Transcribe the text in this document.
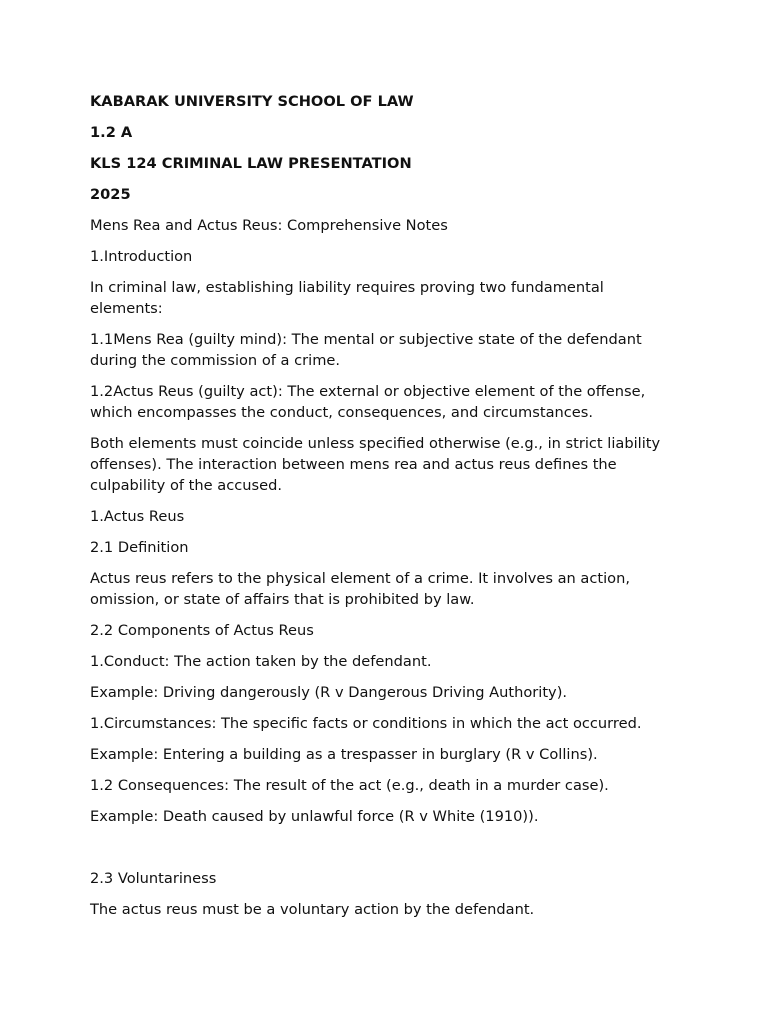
KABARAK UNIVERSITY SCHOOL OF LAW

1.2 A

KLS 124 CRIMINAL LAW PRESENTATION

2025

Mens Rea and Actus Reus: Comprehensive Notes

1.Introduction

In criminal law, establishing liability requires proving two fundamental elements:

1.1Mens Rea (guilty mind): The mental or subjective state of the defendant during the commission of a crime.

1.2Actus Reus (guilty act): The external or objective element of the offense, which encompasses the conduct, consequences, and circumstances.

Both elements must coincide unless specified otherwise (e.g., in strict liability offenses). The interaction between mens rea and actus reus defines the culpability of the accused.

1.Actus Reus

2.1 Definition

Actus reus refers to the physical element of a crime. It involves an action, omission, or state of affairs that is prohibited by law.

2.2 Components of Actus Reus

1.Conduct: The action taken by the defendant.

Example: Driving dangerously (R v Dangerous Driving Authority).

1.Circumstances: The specific facts or conditions in which the act occurred.

Example: Entering a building as a trespasser in burglary (R v Collins).

1.2 Consequences: The result of the act (e.g., death in a murder case).

Example: Death caused by unlawful force (R v White (1910)).

2.3 Voluntariness

The actus reus must be a voluntary action by the defendant.
